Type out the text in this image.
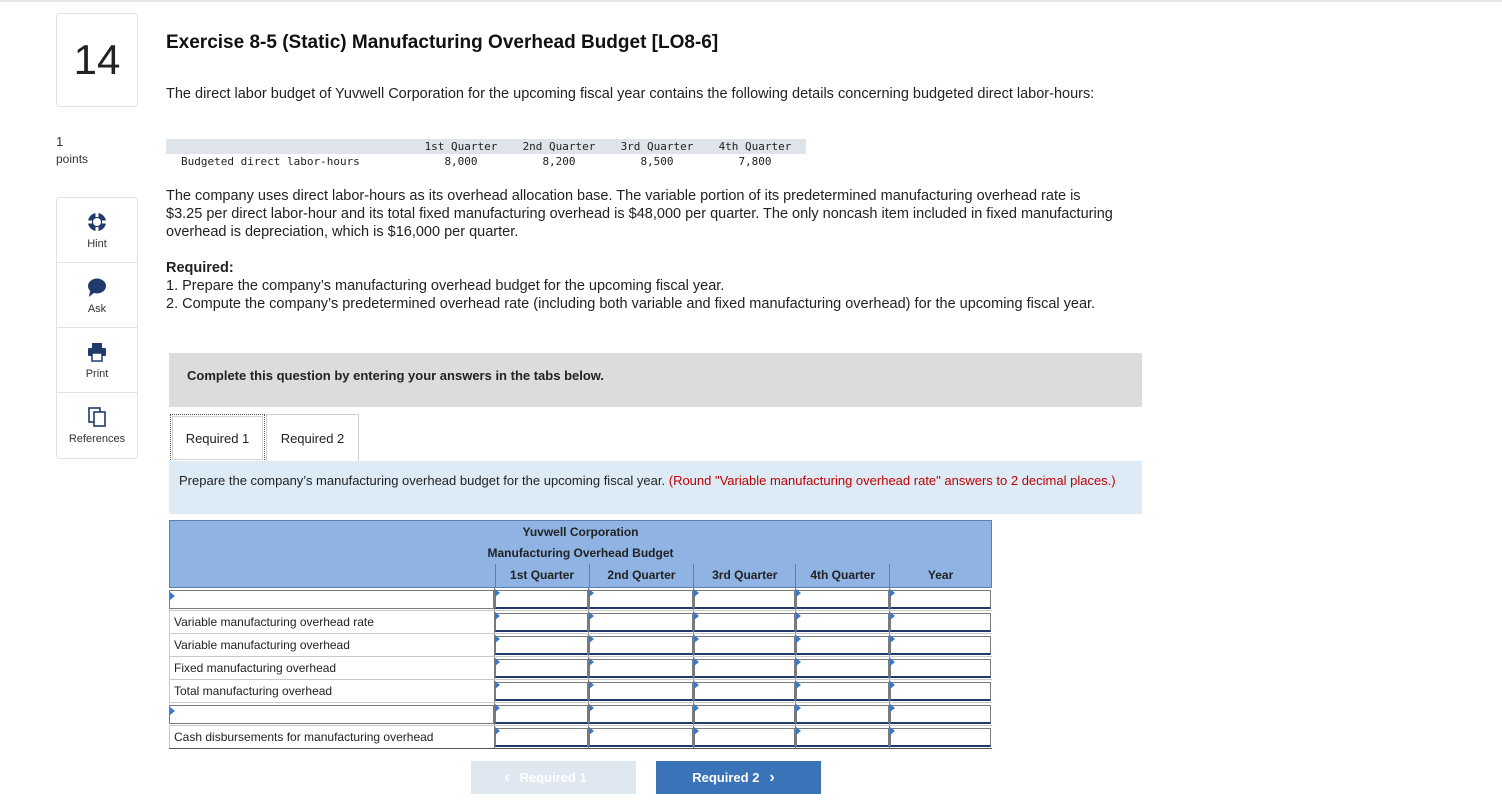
14
1
points
Hint
Ask
Print
References
Exercise 8-5 (Static) Manufacturing Overhead Budget [LO8-6]

The direct labor budget of Yuvwell Corporation for the upcoming fiscal year contains the following details concerning budgeted direct labor-hours:

1st Quarter	2nd Quarter	3rd Quarter	4th Quarter
Budgeted direct labor-hours	8,000	8,200	8,500	7,800

The company uses direct labor-hours as its overhead allocation base. The variable portion of its predetermined manufacturing overhead rate is $3.25 per direct labor-hour and its total fixed manufacturing overhead is $48,000 per quarter. The only noncash item included in fixed manufacturing overhead is depreciation, which is $16,000 per quarter.

Required:
1. Prepare the company’s manufacturing overhead budget for the upcoming fiscal year.
2. Compute the company’s predetermined overhead rate (including both variable and fixed manufacturing overhead) for the upcoming fiscal year.
Complete this question by entering your answers in the tabs below.
Required 1	Required 2
Prepare the company’s manufacturing overhead budget for the upcoming fiscal year. (Round "Variable manufacturing overhead rate" answers to 2 decimal places.)
Yuvwell Corporation
Manufacturing Overhead Budget
1st Quarter	2nd Quarter	3rd Quarter	4th Quarter	Year
Variable manufacturing overhead rate
Variable manufacturing overhead
Fixed manufacturing overhead
Total manufacturing overhead
Cash disbursements for manufacturing overhead
‹ Required 1	Required 2 ›
